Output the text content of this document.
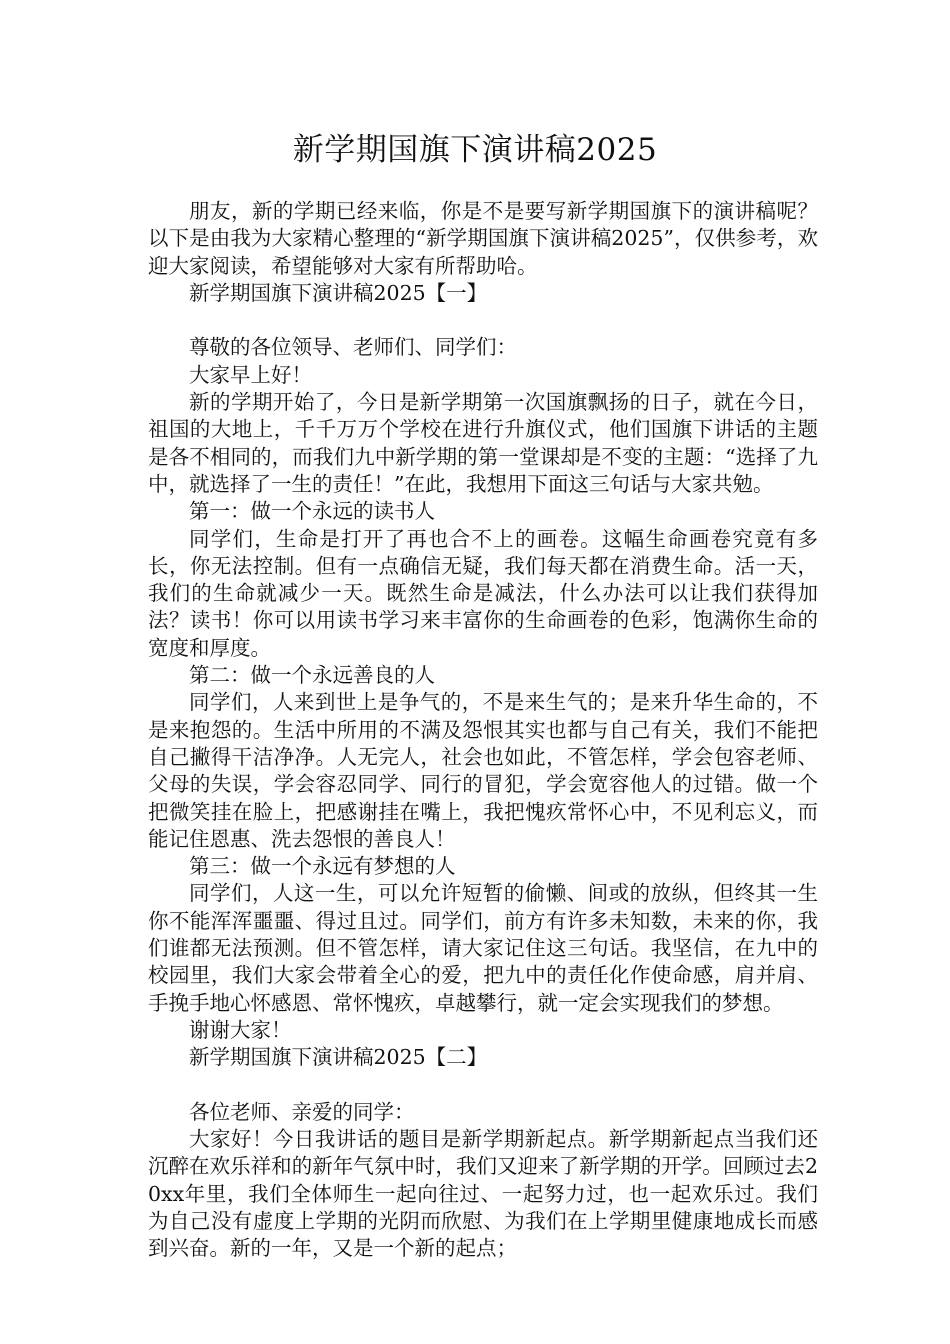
新学期国旗下演讲稿2025

朋友，新的学期已经来临，你是不是要写新学期国旗下的演讲稿呢？以下是由我为大家精心整理的“新学期国旗下演讲稿2025”，仅供参考，欢迎大家阅读，希望能够对大家有所帮助哈。

新学期国旗下演讲稿2025【一】

尊敬的各位领导、老师们、同学们：

大家早上好！

新的学期开始了，今日是新学期第一次国旗飘扬的日子，就在今日，祖国的大地上，千千万万个学校在进行升旗仪式，他们国旗下讲话的主题是各不相同的，而我们九中新学期的第一堂课却是不变的主题：“选择了九中，就选择了一生的责任！”在此，我想用下面这三句话与大家共勉。

第一：做一个永远的读书人

同学们，生命是打开了再也合不上的画卷。这幅生命画卷究竟有多长，你无法控制。但有一点确信无疑，我们每天都在消费生命。活一天，我们的生命就减少一天。既然生命是减法，什么办法可以让我们获得加法？读书！你可以用读书学习来丰富你的生命画卷的色彩，饱满你生命的宽度和厚度。

第二：做一个永远善良的人

同学们，人来到世上是争气的，不是来生气的；是来升华生命的，不是来抱怨的。生活中所用的不满及怨恨其实也都与自己有关，我们不能把自己撇得干洁净净。人无完人，社会也如此，不管怎样，学会包容老师、父母的失误，学会容忍同学、同行的冒犯，学会宽容他人的过错。做一个把微笑挂在脸上，把感谢挂在嘴上，我把愧疚常怀心中，不见利忘义，而能记住恩惠、洗去怨恨的善良人！

第三：做一个永远有梦想的人

同学们，人这一生，可以允许短暂的偷懒、间或的放纵，但终其一生你不能浑浑噩噩、得过且过。同学们，前方有许多未知数，未来的你，我们谁都无法预测。但不管怎样，请大家记住这三句话。我坚信，在九中的校园里，我们大家会带着全心的爱，把九中的责任化作使命感，肩并肩、手挽手地心怀感恩、常怀愧疚，卓越攀行，就一定会实现我们的梦想。

谢谢大家！

新学期国旗下演讲稿2025【二】

各位老师、亲爱的同学：

大家好！今日我讲话的题目是新学期新起点。新学期新起点当我们还沉醉在欢乐祥和的新年气氛中时，我们又迎来了新学期的开学。回顾过去20xx年里，我们全体师生一起向往过、一起努力过，也一起欢乐过。我们为自己没有虚度上学期的光阴而欣慰、为我们在上学期里健康地成长而感到兴奋。新的一年，又是一个新的起点；
